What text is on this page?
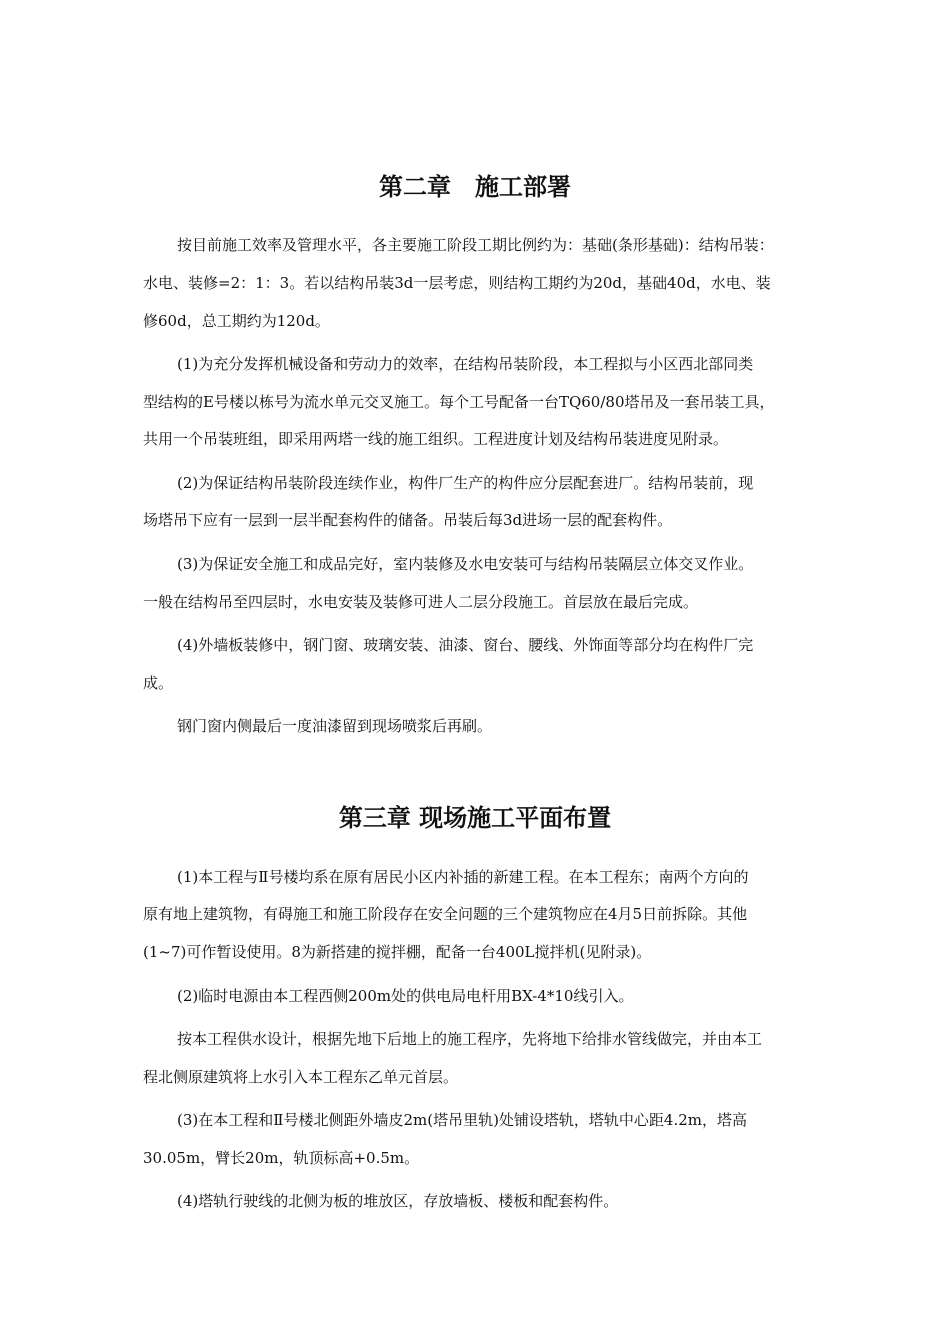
第二章　施工部署
按目前施工效率及管理水平，各主要施工阶段工期比例约为：基础(条形基础)：结构吊装：
水电、装修=2：1：3。若以结构吊装3d一层考虑，则结构工期约为20d，基础40d，水电、装
修60d，总工期约为120d。
(1)为充分发挥机械设备和劳动力的效率，在结构吊装阶段，本工程拟与小区西北部同类
型结构的E号楼以栋号为流水单元交叉施工。每个工号配备一台TQ60/80塔吊及一套吊装工具，
共用一个吊装班组，即采用两塔一线的施工组织。工程进度计划及结构吊装进度见附录。
(2)为保证结构吊装阶段连续作业，构件厂生产的构件应分层配套进厂。结构吊装前，现
场塔吊下应有一层到一层半配套构件的储备。吊装后每3d进场一层的配套构件。
(3)为保证安全施工和成品完好，室内装修及水电安装可与结构吊装隔层立体交叉作业。
一般在结构吊至四层时，水电安装及装修可进人二层分段施工。首层放在最后完成。
(4)外墙板装修中，钢门窗、玻璃安装、油漆、窗台、腰线、外饰面等部分均在构件厂完
成。
钢门窗内侧最后一度油漆留到现场喷浆后再刷。
第三章 现场施工平面布置
(1)本工程与Ⅱ号楼均系在原有居民小区内补插的新建工程。在本工程东；南两个方向的
原有地上建筑物，有碍施工和施工阶段存在安全问题的三个建筑物应在4月5日前拆除。其他
(1~7)可作暂设使用。8为新搭建的搅拌棚，配备一台400L搅拌机(见附录)。
(2)临时电源由本工程西侧200m处的供电局电杆用BX-4*10线引入。
按本工程供水设计，根据先地下后地上的施工程序，先将地下给排水管线做完，并由本工
程北侧原建筑将上水引入本工程东乙单元首层。
(3)在本工程和Ⅱ号楼北侧距外墙皮2m(塔吊里轨)处铺设塔轨，塔轨中心距4.2m，塔高
30.05m，臂长20m，轨顶标高+0.5m。
(4)塔轨行驶线的北侧为板的堆放区，存放墙板、楼板和配套构件。
